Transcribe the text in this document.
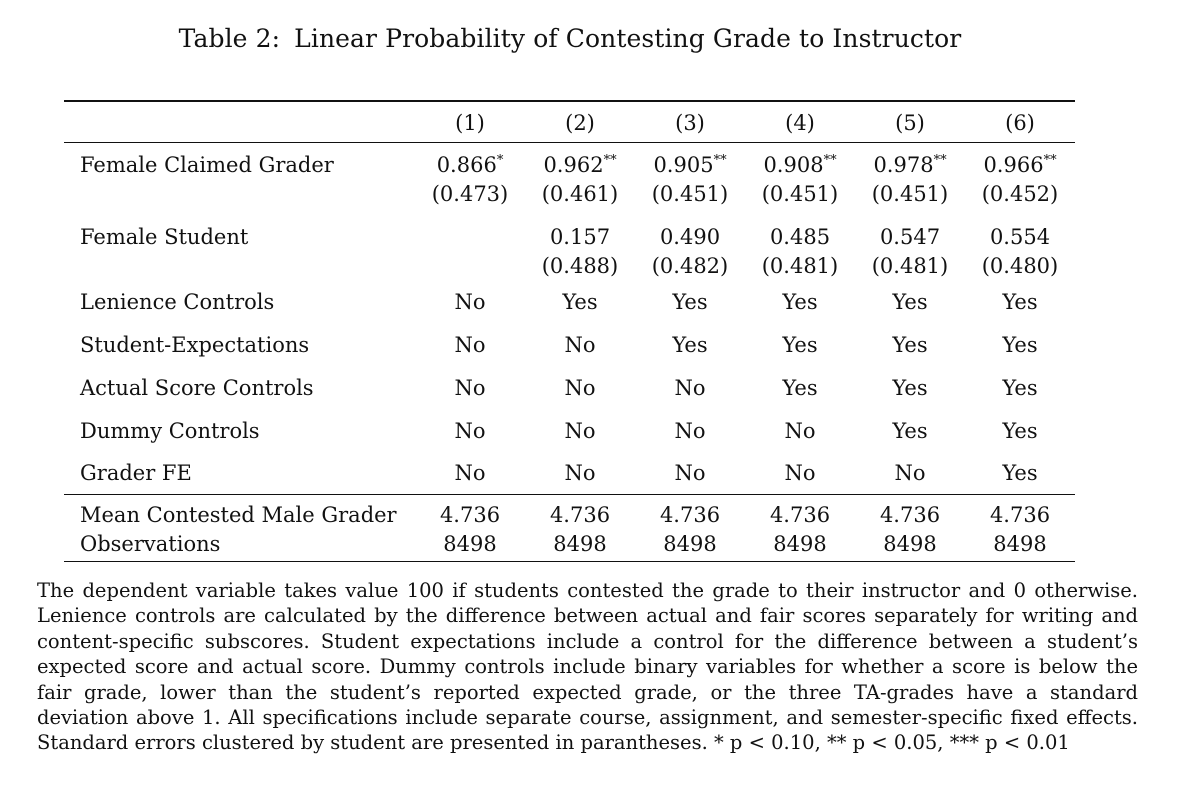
Table 2: Linear Probability of Contesting Grade to Instructor
	(1)	(2)	(3)	(4)	(5)	(6)
Female Claimed Grader	0.866*	0.962**	0.905**	0.908**	0.978**	0.966**
	(0.473)	(0.461)	(0.451)	(0.451)	(0.451)	(0.452)
Female Student		0.157	0.490	0.485	0.547	0.554
		(0.488)	(0.482)	(0.481)	(0.481)	(0.480)
Lenience Controls	No	Yes	Yes	Yes	Yes	Yes
Student-Expectations	No	No	Yes	Yes	Yes	Yes
Actual Score Controls	No	No	No	Yes	Yes	Yes
Dummy Controls	No	No	No	No	Yes	Yes
Grader FE	No	No	No	No	No	Yes
Mean Contested Male Grader	4.736	4.736	4.736	4.736	4.736	4.736
Observations	8498	8498	8498	8498	8498	8498
The dependent variable takes value 100 if students contested the grade to their instructor and 0 otherwise. Lenience controls are calculated by the difference between actual and fair scores separately for writing and content-specific subscores. Student expectations include a control for the difference between a student’s expected score and actual score. Dummy controls include binary variables for whether a score is below the fair grade, lower than the student’s reported expected grade, or the three TA-grades have a standard deviation above 1. All specifications include separate course, assignment, and semester-specific fixed effects. Standard errors clustered by student are presented in parantheses. * p < 0.10, ** p < 0.05, *** p < 0.01
